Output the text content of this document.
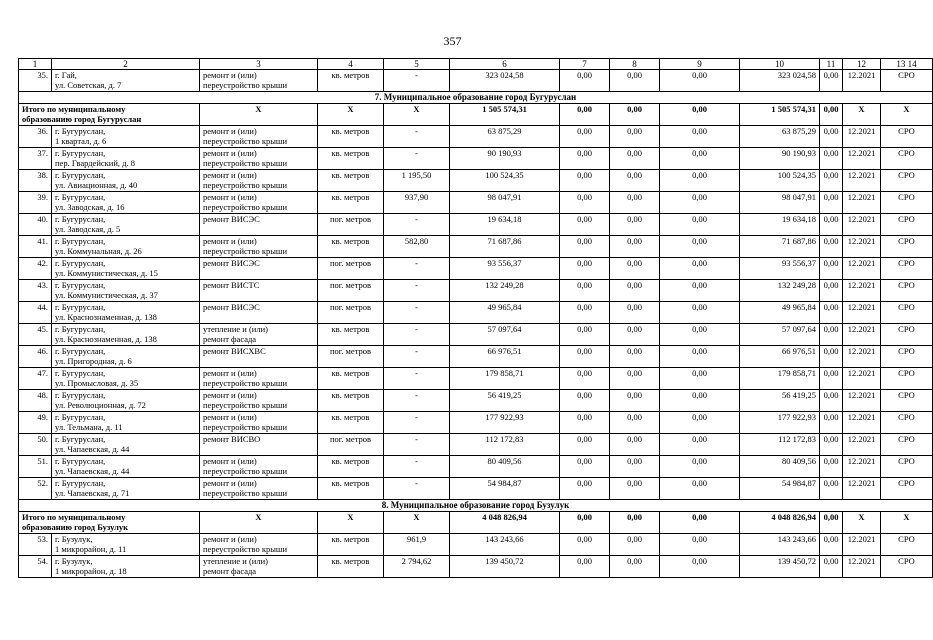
357
1	2	3	4	5	6	7	8	9	10	11	12	13 14
35.	г. Гай,
ул. Советская, д. 7	ремонт и (или)
переустройство крыши	кв. метров	-	323 024,58	0,00	0,00	0,00	323 024,58	0,00	12.2021	СРО
7. Муниципальное образование город Бугуруслан												
Итого по муниципальному
образованию город Бугуруслан		X	X	X	1 505 574,31	0,00	0,00	0,00	1 505 574,31	0,00	X	X
36.	г. Бугуруслан,
1 квартал, д. 6	ремонт и (или)
переустройство крыши	кв. метров	-	63 875,29	0,00	0,00	0,00	63 875,29	0,00	12.2021	СРО
37.	г. Бугуруслан,
пер. Гвардейский, д. 8	ремонт и (или)
переустройство крыши	кв. метров	-	90 190,93	0,00	0,00	0,00	90 190,93	0,00	12.2021	СРО
38.	г. Бугуруслан,
ул. Авиационная, д. 40	ремонт и (или)
переустройство крыши	кв. метров	1 195,50	100 524,35	0,00	0,00	0,00	100 524,35	0,00	12.2021	СРО
39.	г. Бугуруслан,
ул. Заводская, д. 16	ремонт и (или)
переустройство крыши	кв. метров	937,90	98 047,91	0,00	0,00	0,00	98 047,91	0,00	12.2021	СРО
40.	г. Бугуруслан,
ул. Заводская, д. 5	ремонт ВИСЭС	пог. метров	-	19 634,18	0,00	0,00	0,00	19 634,18	0,00	12.2021	СРО
41.	г. Бугуруслан,
ул. Коммунальная, д. 26	ремонт и (или)
переустройство крыши	кв. метров	582,80	71 687,86	0,00	0,00	0,00	71 687,86	0,00	12.2021	СРО
42.	г. Бугуруслан,
ул. Коммунистическая, д. 15	ремонт ВИСЭС	пог. метров	-	93 556,37	0,00	0,00	0,00	93 556,37	0,00	12.2021	СРО
43.	г. Бугуруслан,
ул. Коммунистическая, д. 37	ремонт ВИСТС	пог. метров	-	132 249,28	0,00	0,00	0,00	132 249,28	0,00	12.2021	СРО
44.	г. Бугуруслан,
ул. Краснознаменная, д. 138	ремонт ВИСЭС	пог. метров	-	49 965,84	0,00	0,00	0,00	49 965,84	0,00	12.2021	СРО
45.	г. Бугуруслан,
ул. Краснознаменная, д. 138	утепление и (или)
ремонт фасада	кв. метров	-	57 097,64	0,00	0,00	0,00	57 097,64	0,00	12.2021	СРО
46.	г. Бугуруслан,
ул. Пригородная, д. 6	ремонт ВИСХВС	пог. метров	-	66 976,51	0,00	0,00	0,00	66 976,51	0,00	12.2021	СРО
47.	г. Бугуруслан,
ул. Промысловая, д. 35	ремонт и (или)
переустройство крыши	кв. метров	-	179 858,71	0,00	0,00	0,00	179 858,71	0,00	12.2021	СРО
48.	г. Бугуруслан,
ул. Революционная, д. 72	ремонт и (или)
переустройство крыши	кв. метров	-	56 419,25	0,00	0,00	0,00	56 419,25	0,00	12.2021	СРО
49.	г. Бугуруслан,
ул. Тельмана, д. 11	ремонт и (или)
переустройство крыши	кв. метров	-	177 922,93	0,00	0,00	0,00	177 922,93	0,00	12.2021	СРО
50.	г. Бугуруслан,
ул. Чапаевская, д. 44	ремонт ВИСВО	пог. метров	-	112 172,83	0,00	0,00	0,00	112 172,83	0,00	12.2021	СРО
51.	г. Бугуруслан,
ул. Чапаевская, д. 44	ремонт и (или)
переустройство крыши	кв. метров	-	80 409,56	0,00	0,00	0,00	80 409,56	0,00	12.2021	СРО
52.	г. Бугуруслан,
ул. Чапаевская, д. 71	ремонт и (или)
переустройство крыши	кв. метров	-	54 984,87	0,00	0,00	0,00	54 984,87	0,00	12.2021	СРО
8. Муниципальное образование город Бузулук												
Итого по муниципальному
образованию город Бузулук		X	X	X	4 048 826,94	0,00	0,00	0,00	4 048 826,94	0,00	X	X
53.	г. Бузулук,
1 микрорайон, д. 11	ремонт и (или)
переустройство крыши	кв. метров	961,9	143 243,66	0,00	0,00	0,00	143 243,66	0,00	12.2021	СРО
54.	г. Бузулук,
1 микрорайон, д. 18	утепление и (или)
ремонт фасада	кв. метров	2 794,62	139 450,72	0,00	0,00	0,00	139 450,72	0,00	12.2021	СРО
